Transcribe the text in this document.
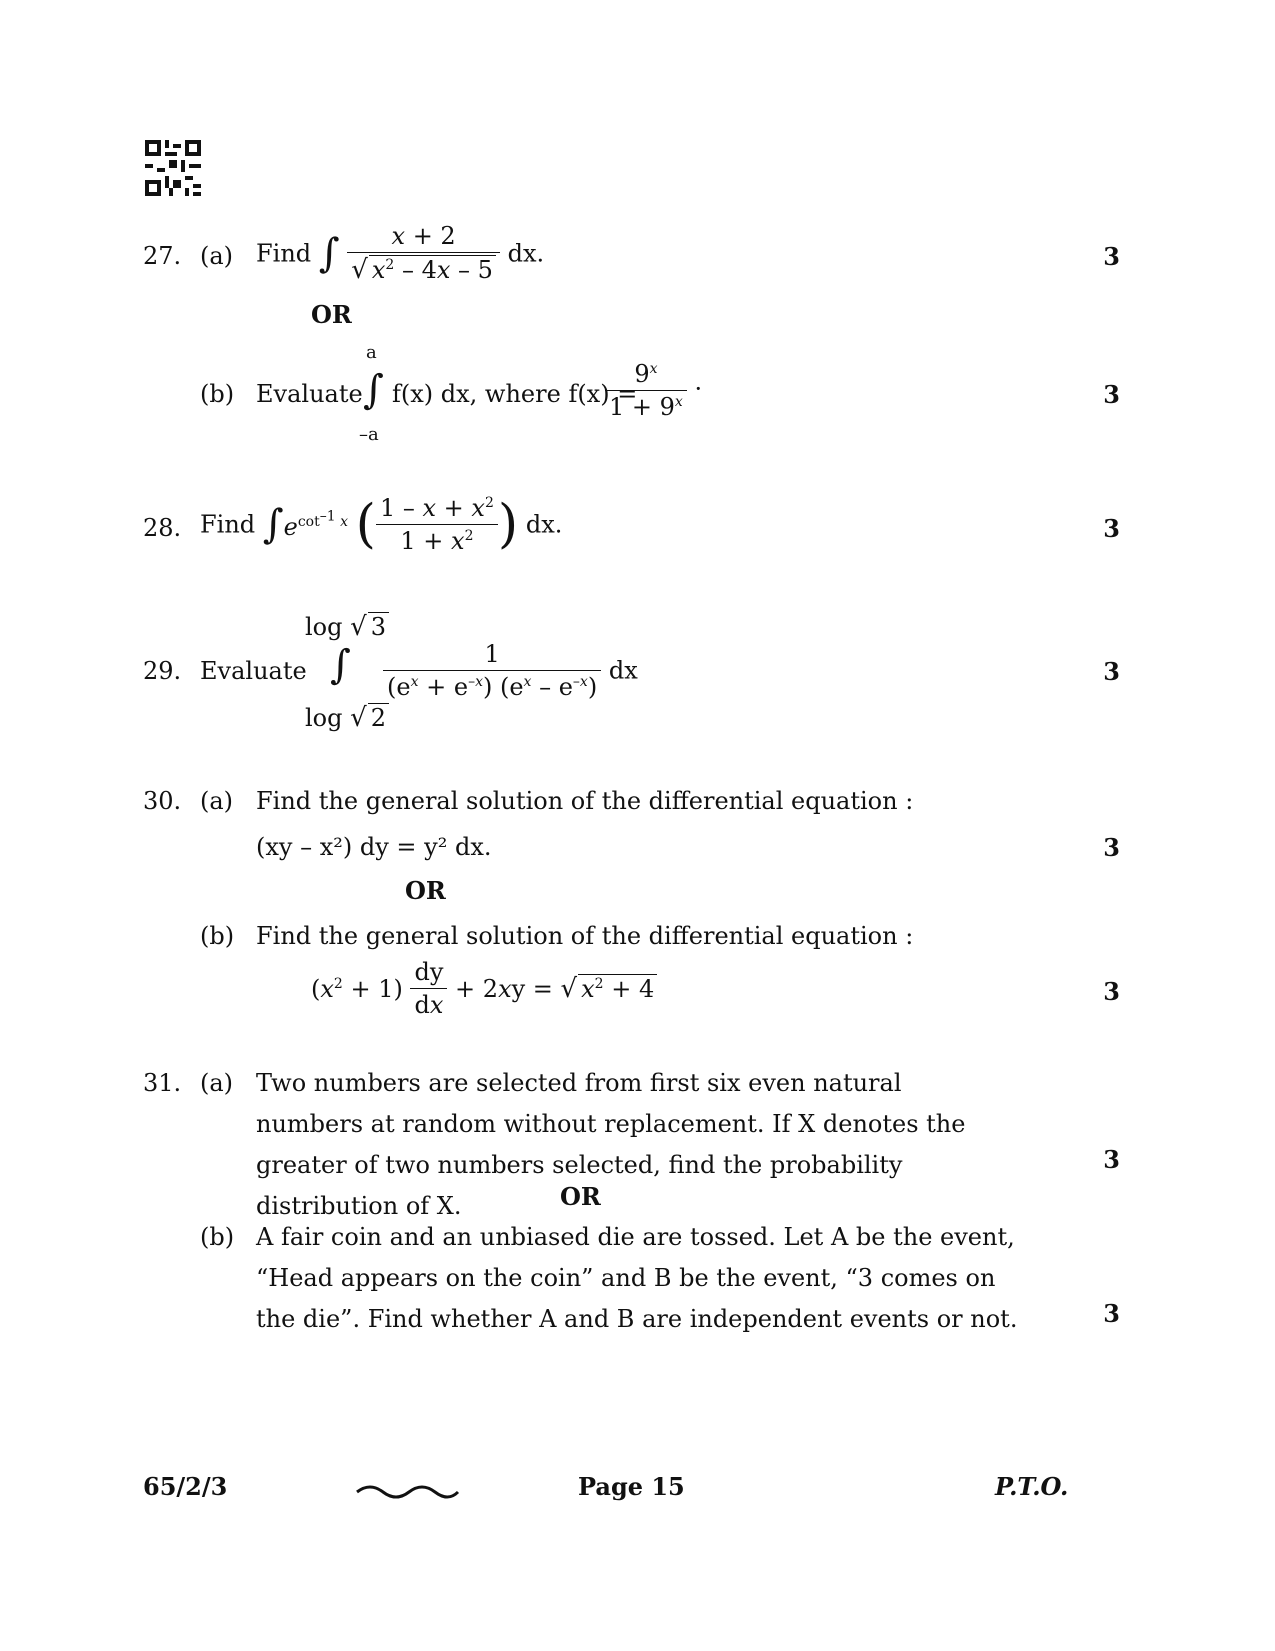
27. (a) Find ∫ $\frac{x + 2}{√ x^2 - 4x - 5}$ dx.	3
OR
(b) Evaluate
a
∫
–a
f(x) dx, where f(x) =
$\frac{9^x}{1 + 9^x}$ ·	3
28. Find $\int e^{cot^{-1} x}$ ( $\frac{1 - x + x^2}{1 + x^2}$ ) dx.	3
29. Evaluate
log √ 3
∫
log √ 2
$\frac{1}{(e^x + e^{-x}) (e^x - e^{-x})}$ dx	3
30. (a) Find the general solution of the differential equation :
(xy – x²) dy = y² dx.	3
OR
(b) Find the general solution of the differential equation :
$(x^2 + 1) \frac{dy}{dx} + 2xy$ = √ $x^2 + 4$	3
31. (a) Two numbers are selected from first six even natural numbers at random without replacement. If X denotes the greater of two numbers selected, find the probability distribution of X.
3
OR
(b) A fair coin and an unbiased die are tossed. Let A be the event, “Head appears on the coin” and B be the event, “3 comes on the die”. Find whether A and B are independent events or not.	3
65/2/3	Page 15	P.T.O.
